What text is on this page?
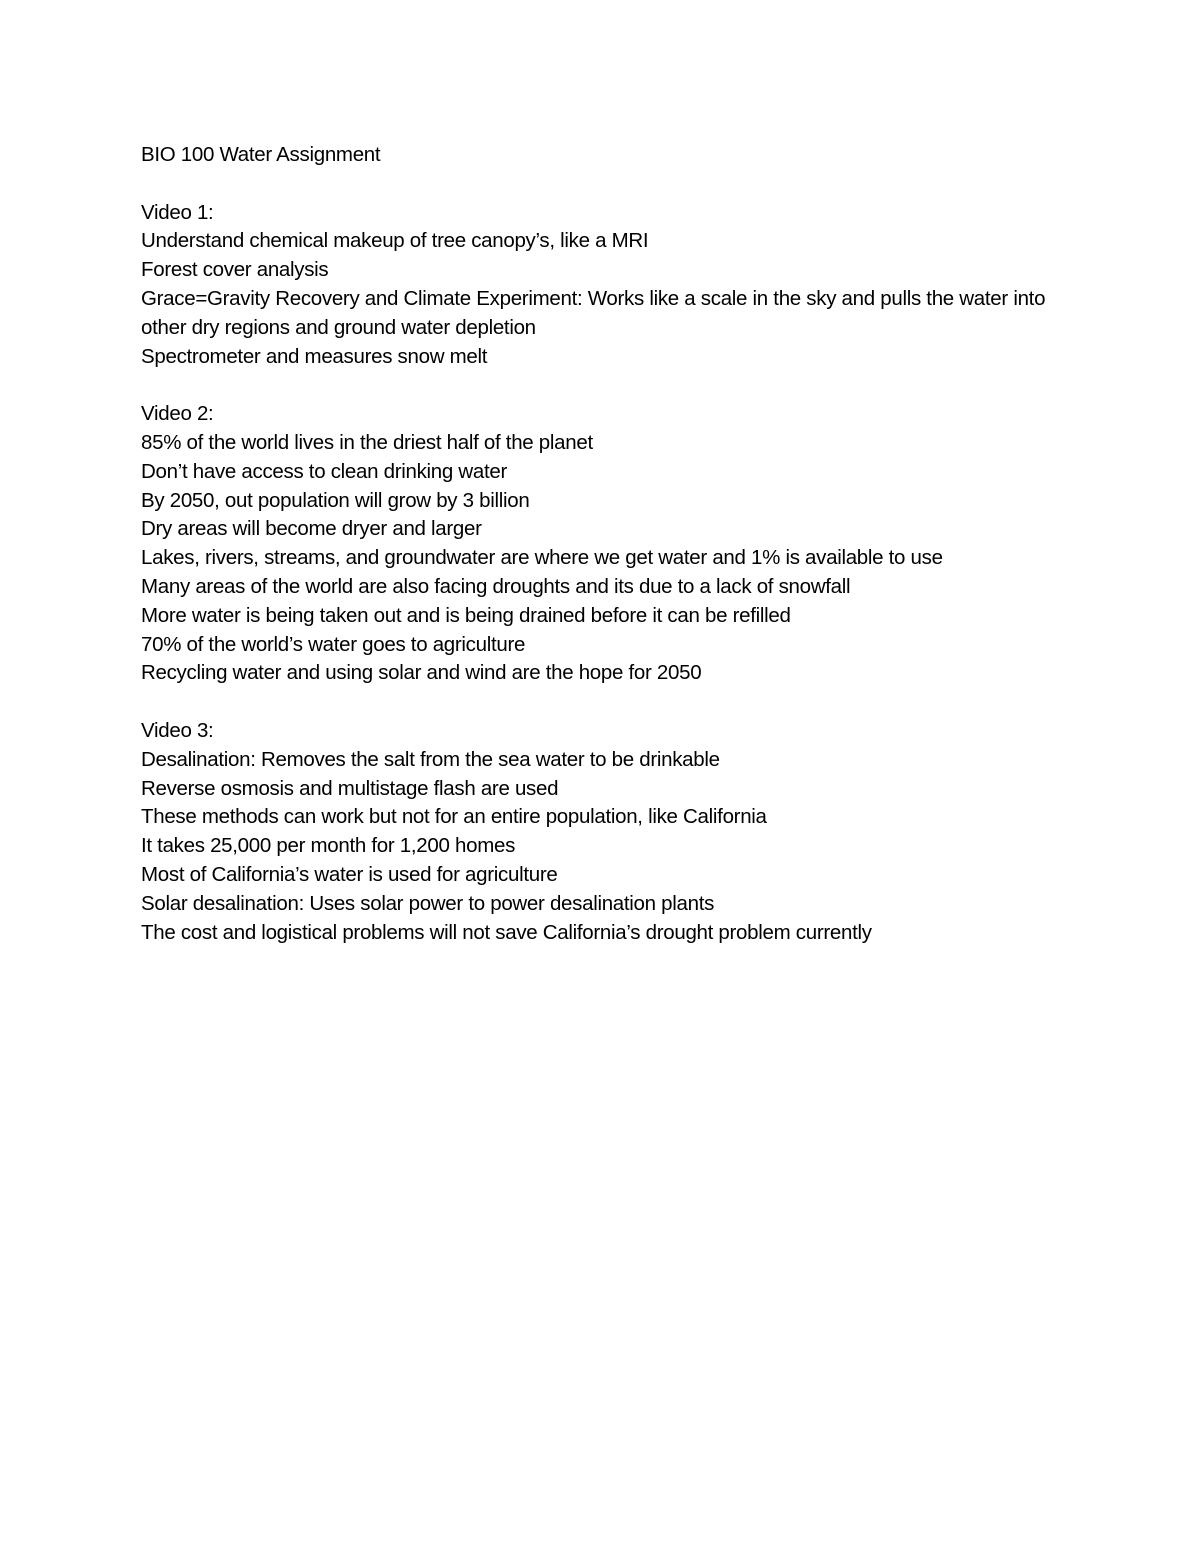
BIO 100 Water Assignment

Video 1:

Understand chemical makeup of tree canopy’s, like a MRI

Forest cover analysis

Grace=Gravity Recovery and Climate Experiment: Works like a scale in the sky and pulls the water into other dry regions and ground water depletion

Spectrometer and measures snow melt

Video 2:

85% of the world lives in the driest half of the planet

Don’t have access to clean drinking water

By 2050, out population will grow by 3 billion

Dry areas will become dryer and larger

Lakes, rivers, streams, and groundwater are where we get water and 1% is available to use

Many areas of the world are also facing droughts and its due to a lack of snowfall

More water is being taken out and is being drained before it can be refilled

70% of the world’s water goes to agriculture

Recycling water and using solar and wind are the hope for 2050

Video 3:

Desalination: Removes the salt from the sea water to be drinkable

Reverse osmosis and multistage flash are used

These methods can work but not for an entire population, like California

It takes 25,000 per month for 1,200 homes

Most of California’s water is used for agriculture

Solar desalination: Uses solar power to power desalination plants

The cost and logistical problems will not save California’s drought problem currently
